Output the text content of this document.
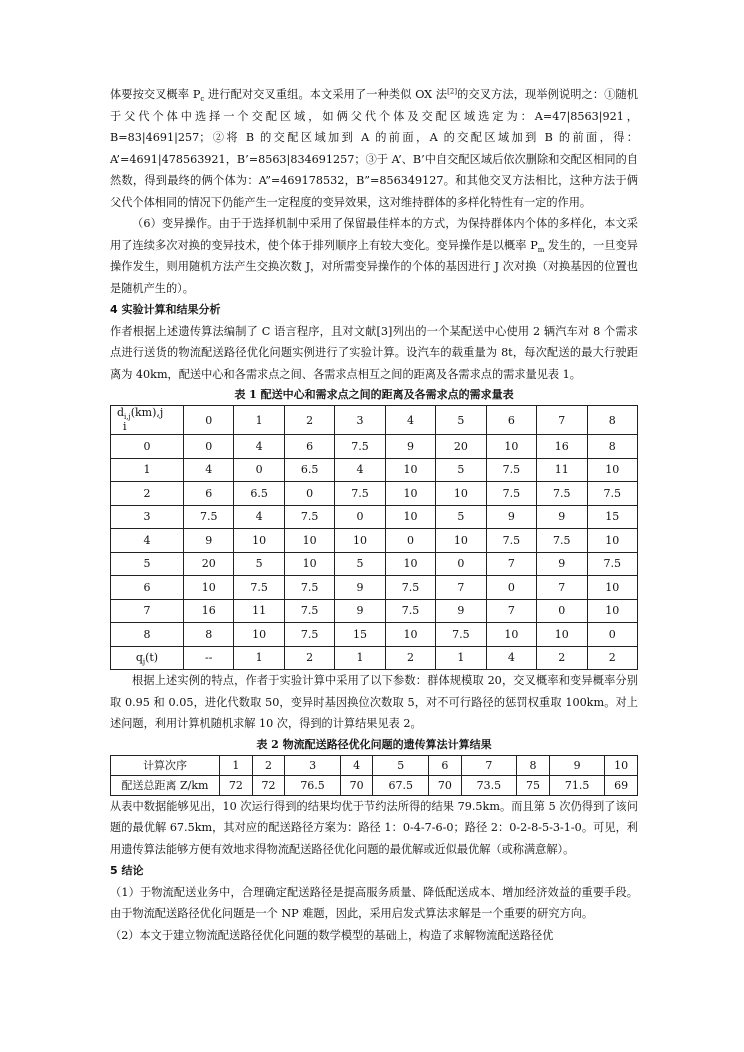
体要按交叉概率 $P_c$ 进行配对交叉重组。本文采用了一种类似 OX 法[2]的交叉方法，现举例说明之：①随机于父代个体中选择一个交配区域，如俩父代个体及交配区域选定为：A=47|8563|921，B=83|4691|257；②将 B 的交配区域加到 A 的前面，A 的交配区域加到 B 的前面，得：A’=4691|478563921，B’=8563|834691257；③于 A’、B’中自交配区域后依次删除和交配区相同的自然数，得到最终的俩个体为：A”=469178532，B”=856349127。和其他交叉方法相比，这种方法于俩父代个体相同的情况下仍能产生一定程度的变异效果，这对维持群体的多样化特性有一定的作用。

（6）变异操作。由于于选择机制中采用了保留最佳样本的方式，为保持群体内个体的多样化，本文采用了连续多次对换的变异技术，使个体于排列顺序上有较大变化。变异操作是以概率 $P_m$ 发生的，一旦变异操作发生，则用随机方法产生交换次数 J，对所需变异操作的个体的基因进行 J 次对换（对换基因的位置也是随机产生的）。

4 实验计算和结果分析

作者根据上述遗传算法编制了 C 语言程序，且对文献[3]列出的一个某配送中心使用 2 辆汽车对 8 个需求点进行送货的物流配送路径优化问题实例进行了实验计算。设汽车的载重量为 8t，每次配送的最大行驶距离为 40km，配送中心和各需求点之间、各需求点相互之间的距离及各需求点的需求量见表 1。

表 1 配送中心和需求点之间的距离及各需求点的需求量表
$d_{i,j}(km),j$
i	0	1	2	3	4	5	6	7	8
0	0	4	6	7.5	9	20	10	16	8
1	4	0	6.5	4	10	5	7.5	11	10
2	6	6.5	0	7.5	10	10	7.5	7.5	7.5
3	7.5	4	7.5	0	10	5	9	9	15
4	9	10	10	10	0	10	7.5	7.5	10
5	20	5	10	5	10	0	7	9	7.5
6	10	7.5	7.5	9	7.5	7	0	7	10
7	16	11	7.5	9	7.5	9	7	0	10
8	8	10	7.5	15	10	7.5	10	10	0
$q_j(t)$	--	1	2	1	2	1	4	2	2

根据上述实例的特点，作者于实验计算中采用了以下参数：群体规模取 20，交叉概率和变异概率分别取 0.95 和 0.05，进化代数取 50，变异时基因换位次数取 5，对不可行路径的惩罚权重取 100km。对上述问题，利用计算机随机求解 10 次，得到的计算结果见表 2。

表 2 物流配送路径优化问题的遗传算法计算结果
计算次序	1	2	3	4	5	6	7	8	9	10
配送总距离 Z/km	72	72	76.5	70	67.5	70	73.5	75	71.5	69

从表中数据能够见出，10 次运行得到的结果均优于节约法所得的结果 79.5km。而且第 5 次仍得到了该问题的最优解 67.5km，其对应的配送路径方案为：路径 1：0-4-7-6-0；路径 2：0-2-8-5-3-1-0。可见，利用遗传算法能够方便有效地求得物流配送路径优化问题的最优解或近似最优解（或称满意解）。

5 结论

（1）于物流配送业务中，合理确定配送路径是提高服务质量、降低配送成本、增加经济效益的重要手段。由于物流配送路径优化问题是一个 NP 难题，因此，采用启发式算法求解是一个重要的研究方向。

（2）本文于建立物流配送路径优化问题的数学模型的基础上，构造了求解物流配送路径优
